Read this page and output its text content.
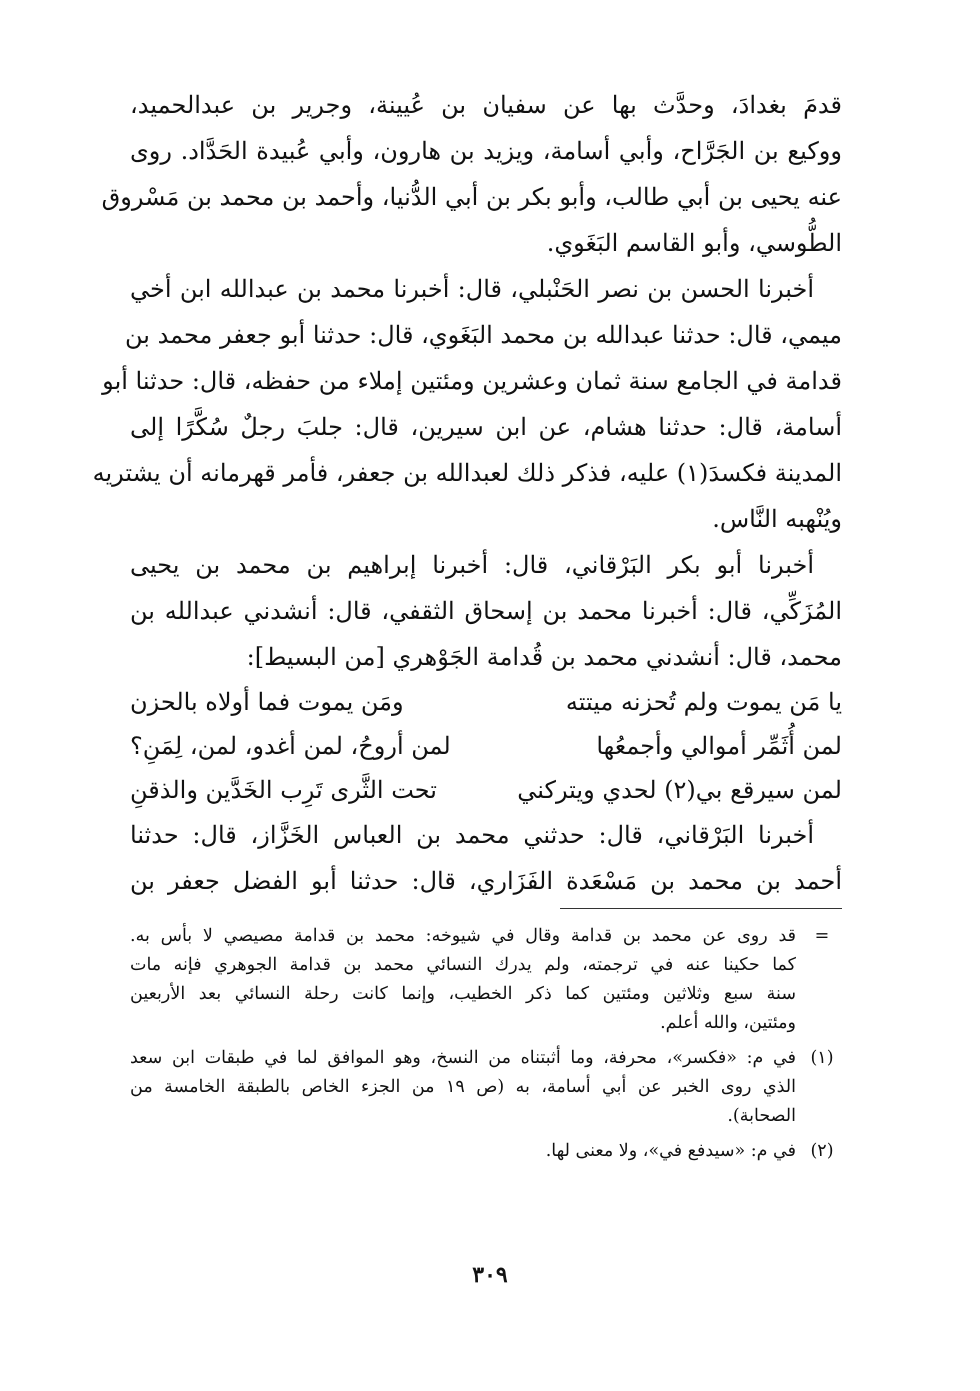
قدمَ بغدادَ، وحدَّث بها عن سفيان بن عُيينة، وجرير بن عبدالحميد،
ووكيع بن الجَرَّاح، وأبي أسامة، ويزيد بن هارون، وأبي عُبيدة الحَدَّاد. روى
عنه يحيى بن أبي طالب، وأبو بكر بن أبي الدُّنيا، وأحمد بن محمد بن مَسْروق
الطُّوسي، وأبو القاسم البَغَوي.
أخبرنا الحسن بن نصر الحَنْبلي، قال: أخبرنا محمد بن عبدالله ابن أخي
ميمي، قال: حدثنا عبدالله بن محمد البَغَوي، قال: حدثنا أبو جعفر محمد بن
قدامة في الجامع سنة ثمان وعشرين ومئتين إملاء من حفظه، قال: حدثنا أبو
أسامة، قال: حدثنا هشام، عن ابن سيرين، قال: جلبَ رجلٌ سُكَّرًا إلى
المدينة فكسدَ(١) عليه، فذكر ذلك لعبدالله بن جعفر، فأمر قهرمانه أن يشتريه
ويُنْهبه النَّاس.
أخبرنا أبو بكر البَرْقاني، قال: أخبرنا إبراهيم بن محمد بن يحيى
المُزَكِّي، قال: أخبرنا محمد بن إسحاق الثقفي، قال: أنشدني عبدالله بن
محمد، قال: أنشدني محمد بن قُدامة الجَوْهري [من البسيط]:
يا مَن يموت ولم تُحزنه ميتته
ومَن يموت فما أولاه بالحزن
لمن أُثَمِّر أموالي وأجمعُها
لمن أروحُ، لمن أغدو، لمن، لِمَنِ؟
لمن سيرقع بي(٢) لحدي ويتركني
تحت الثَّرى تَرِب الخَدَّين والذقنِ
أخبرنا البَرْقاني، قال: حدثني محمد بن العباس الخَزَّاز، قال: حدثنا
أحمد بن محمد بن مَسْعَدة الفَزَاري، قال: حدثنا أبو الفضل جعفر بن
=
قد روى عن محمد بن قدامة وقال في شيوخه: محمد بن قدامة مصيصي لا بأس به.
كما حكينا عنه في ترجمته، ولم يدرك النسائي محمد بن قدامة الجوهري فإنه مات
سنة سبع وثلاثين ومئتين كما ذكر الخطيب، وإنما كانت رحلة النسائي بعد الأربعين
ومئتين، والله أعلم.
(١)
في م: «فكسر»، محرفة، وما أثبتناه من النسخ، وهو الموافق لما في طبقات ابن سعد
الذي روى الخبر عن أبي أسامة، به (ص ١٩ من الجزء الخاص بالطبقة الخامسة من
الصحابة).
(٢)
في م: «سيدفع في»، ولا معنى لها.
٣٠٩
